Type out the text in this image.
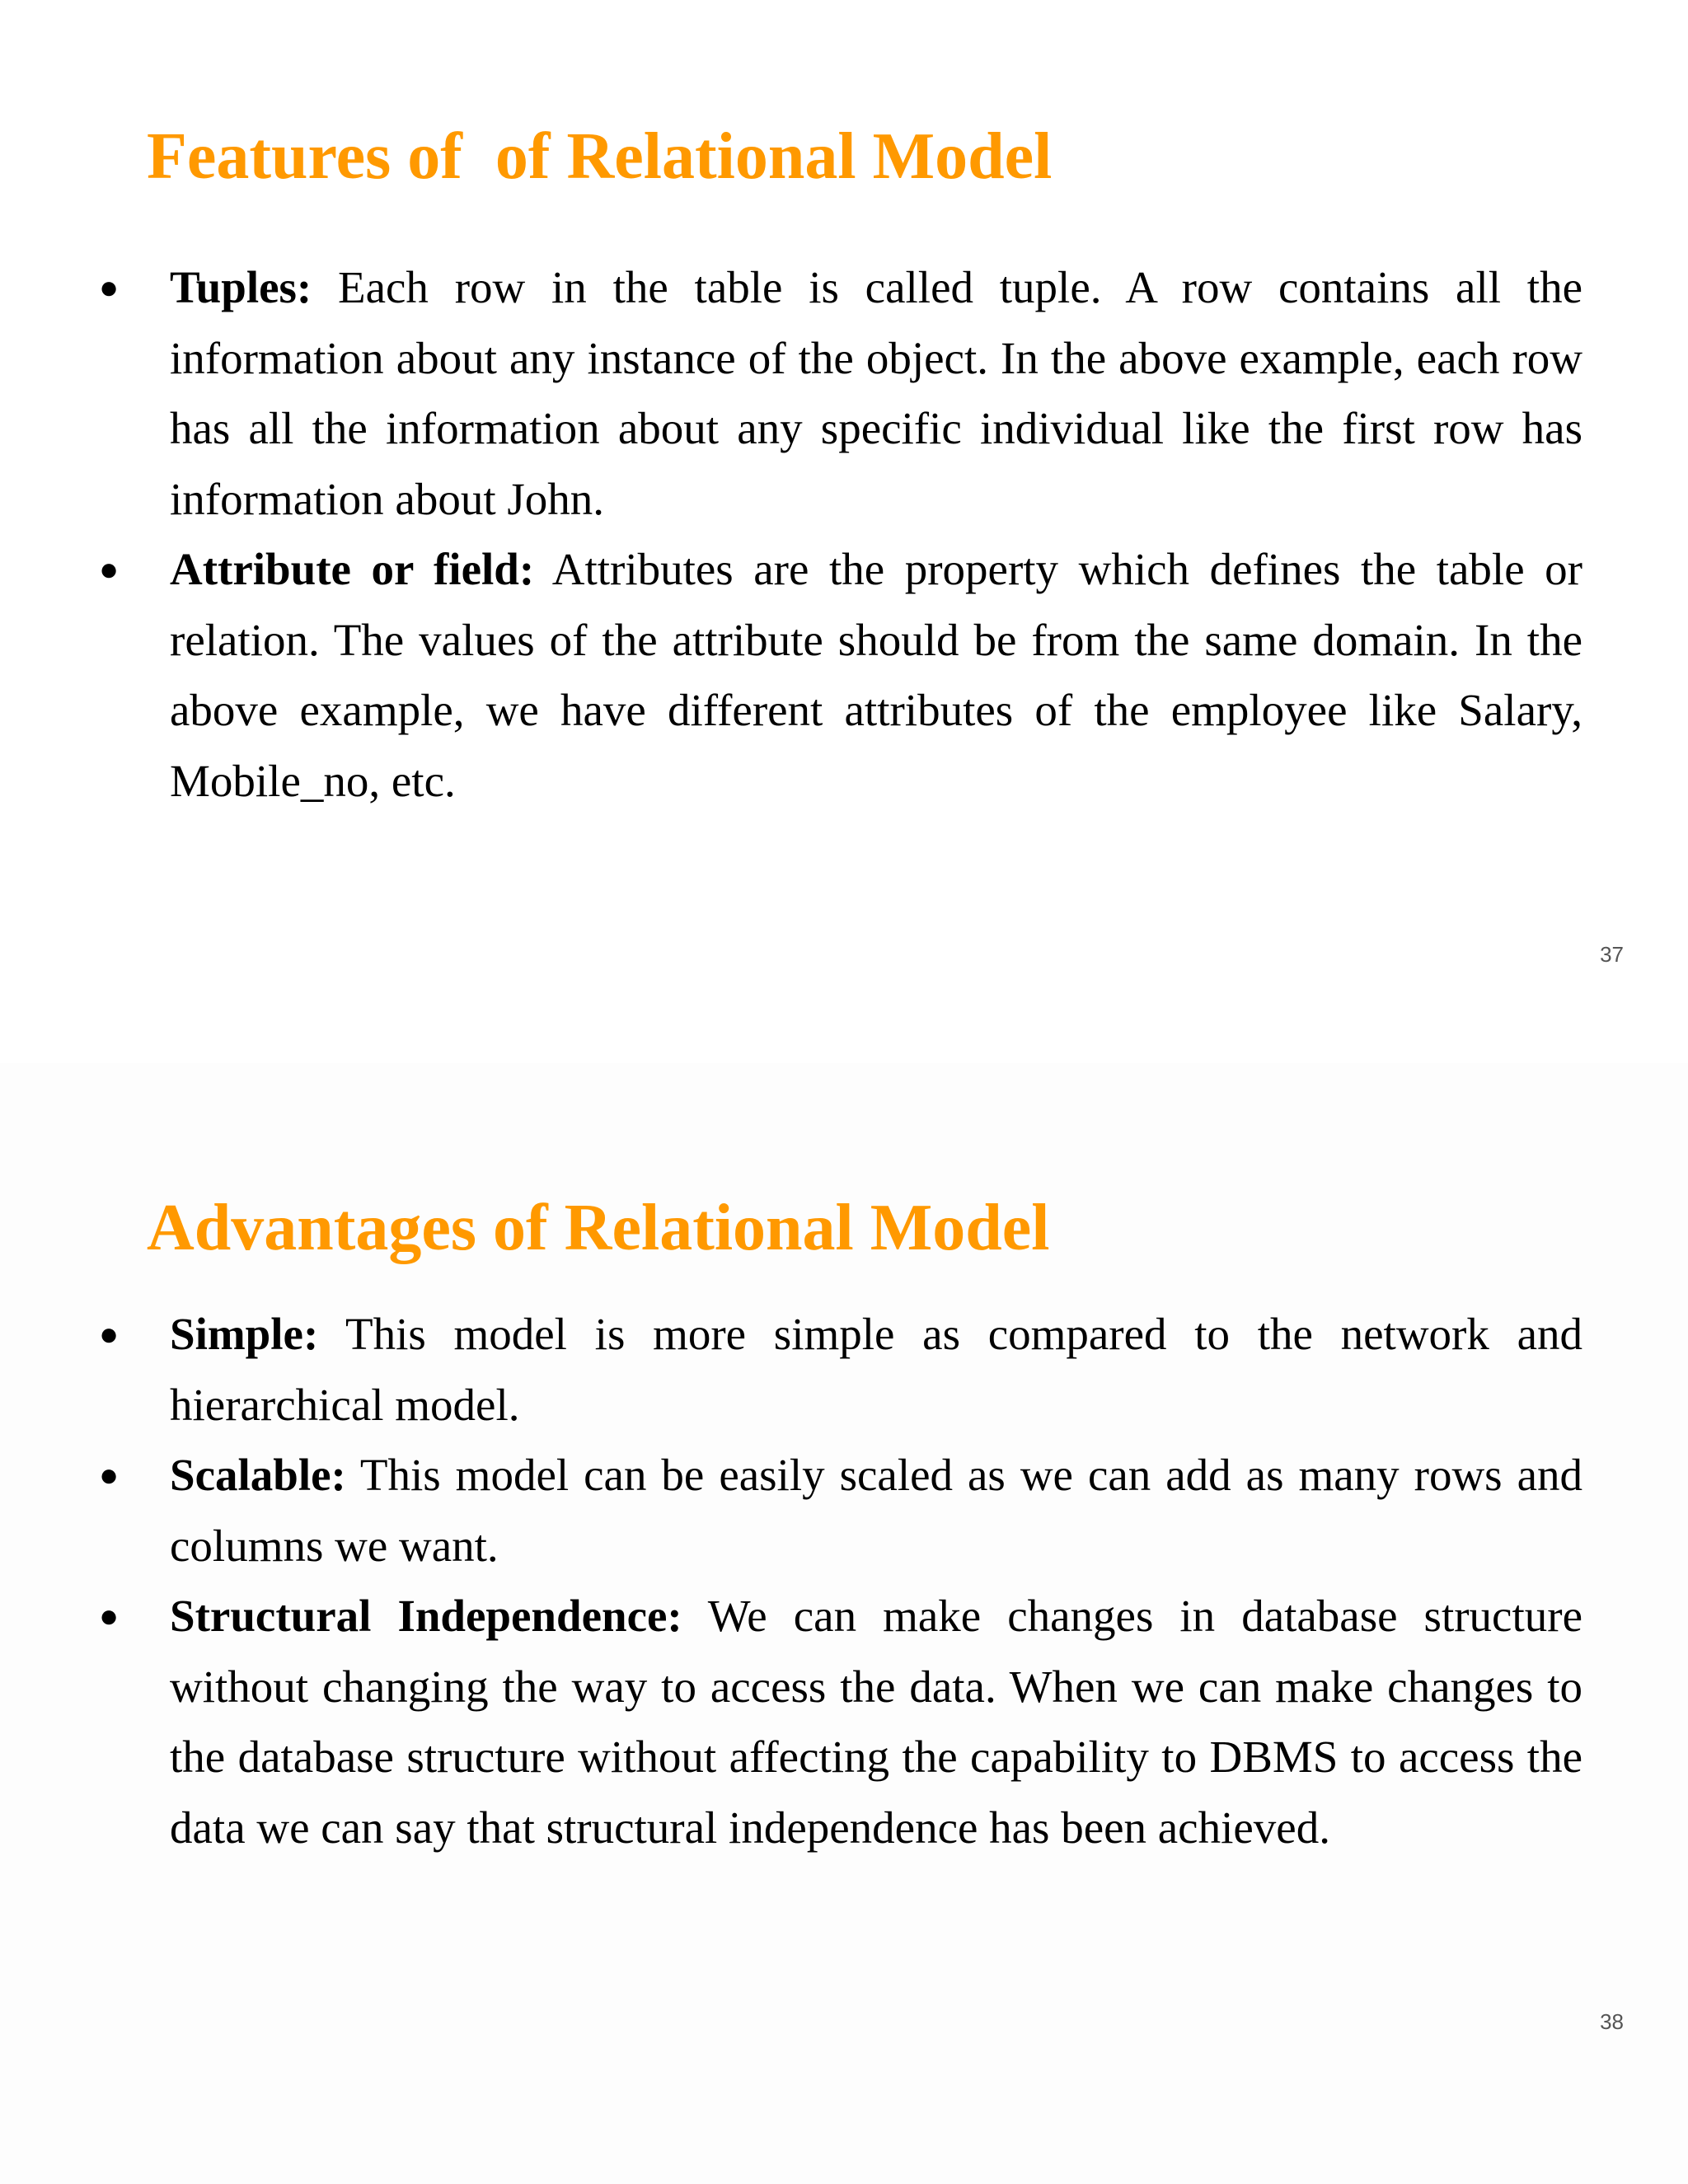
Features of  of Relational Model
● Tuples: Each row in the table is called tuple. A row contains all the information about any instance of the object. In the above example, each row has all the information about any specific individual like the first row has information about John.
● Attribute or field: Attributes are the property which defines the table or relation. The values of the attribute should be from the same domain. In the above example, we have different attributes of the employee like Salary, Mobile_no, etc.
37
Advantages of Relational Model
● Simple: This model is more simple as compared to the network and hierarchical model.
● Scalable: This model can be easily scaled as we can add as many rows and columns we want.
● Structural Independence: We can make changes in database structure without changing the way to access the data. When we can make changes to the database structure without affecting the capability to DBMS to access the data we can say that structural independence has been achieved.
38
